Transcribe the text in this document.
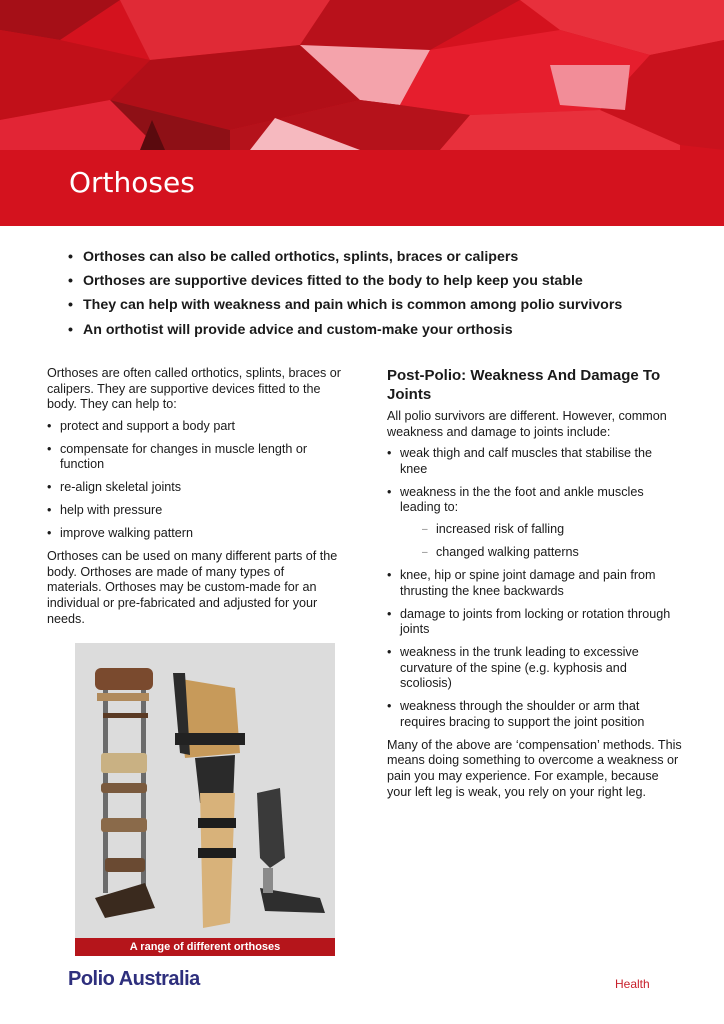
Orthoses
• Orthoses can also be called orthotics, splints, braces or calipers
• Orthoses are supportive devices fitted to the body to help keep you stable
• They can help with weakness and pain which is common among polio survivors
• An orthotist will provide advice and custom-make your orthosis

Orthoses are often called orthotics, splints, braces or calipers. They are supportive devices fitted to the body. They can help to:

• protect and support a body part
• compensate for changes in muscle length or function
• re-align skeletal joints
• help with pressure
• improve walking pattern

Orthoses can be used on many different parts of the body. Orthoses are made of many types of materials. Orthoses may be custom-made for an individual or pre-fabricated and adjusted for your needs.

A range of different orthoses
Post-Polio: Weakness And Damage To Joints

All polio survivors are different. However, common weakness and damage to joints include:

• weak thigh and calf muscles that stabilise the knee
• weakness in the the foot and ankle muscles leading to:
– increased risk of falling
– changed walking patterns
• knee, hip or spine joint damage and pain from thrusting the knee backwards
• damage to joints from locking or rotation through joints
• weakness in the trunk leading to excessive curvature of the spine (e.g. kyphosis and scoliosis)
• weakness through the shoulder or arm that requires bracing to support the joint position

Many of the above are ‘compensation’ methods. This means doing something to overcome a weakness or pain you may experience. For example, because your left leg is weak, you rely on your right leg.

Polio Australia	Health
